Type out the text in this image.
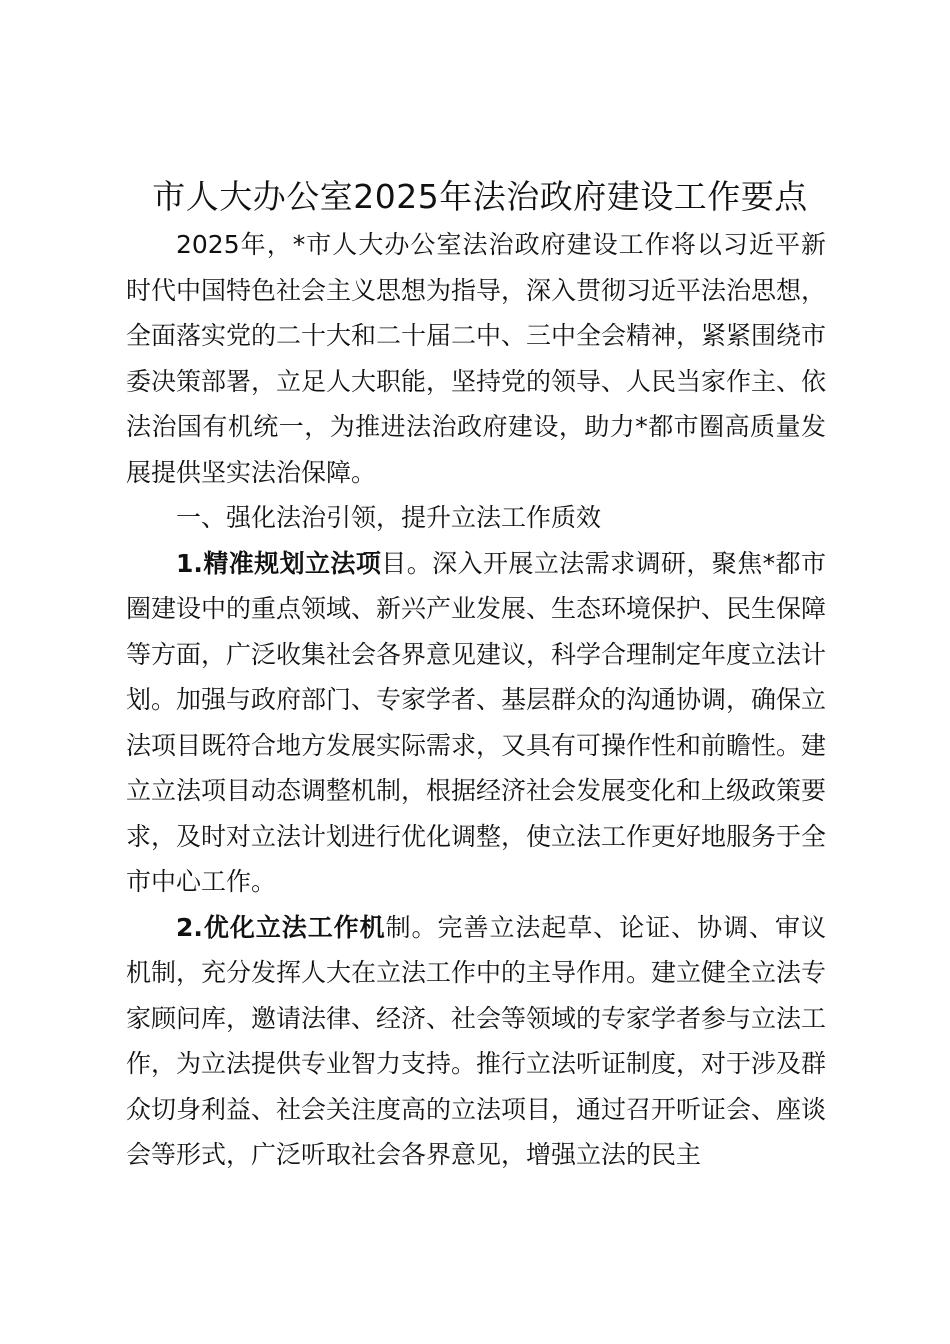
市人大办公室2025年法治政府建设工作要点

2025年，*市人大办公室法治政府建设工作将以习近平新时代中国特色社会主义思想为指导，深入贯彻习近平法治思想，全面落实党的二十大和二十届二中、三中全会精神，紧紧围绕市委决策部署，立足人大职能，坚持党的领导、人民当家作主、依法治国有机统一，为推进法治政府建设，助力*都市圈高质量发展提供坚实法治保障。

一、强化法治引领，提升立法工作质效

1.精准规划立法项目。深入开展立法需求调研，聚焦*都市圈建设中的重点领域、新兴产业发展、生态环境保护、民生保障等方面，广泛收集社会各界意见建议，科学合理制定年度立法计划。加强与政府部门、专家学者、基层群众的沟通协调，确保立法项目既符合地方发展实际需求，又具有可操作性和前瞻性。建立立法项目动态调整机制，根据经济社会发展变化和上级政策要求，及时对立法计划进行优化调整，使立法工作更好地服务于全市中心工作。

2.优化立法工作机制。完善立法起草、论证、协调、审议机制，充分发挥人大在立法工作中的主导作用。建立健全立法专家顾问库，邀请法律、经济、社会等领域的专家学者参与立法工作，为立法提供专业智力支持。推行立法听证制度，对于涉及群众切身利益、社会关注度高的立法项目，通过召开听证会、座谈会等形式，广泛听取社会各界意见，增强立法的民主
